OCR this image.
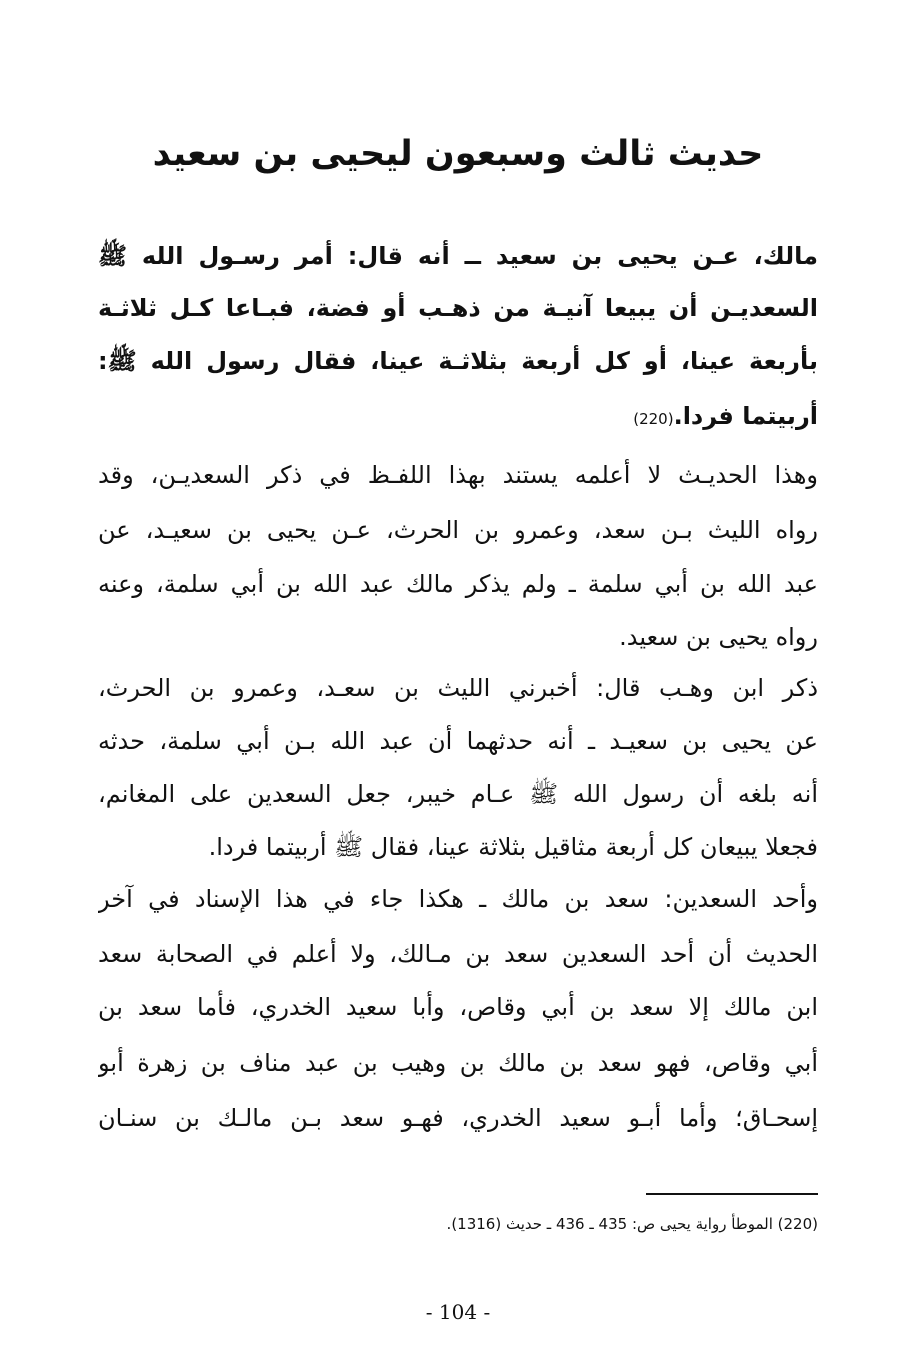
حديث ثالث وسبعون ليحيى بن سعيد
مالك، عـن يحيى بن سعيد ــ أنه قال: أمر رسـول الله ﷺ
السعديـن أن يبيعا آنيـة من ذهـب أو فضة، فبـاعا كـل ثلاثـة
بأربعة عينا، أو كل أربعة بثلاثـة عينا، فقال رسول الله ﷺ:
أربيتما فردا.(220)
وهذا الحديـث لا أعلمه يستند بهذا اللفـظ في ذكر السعديـن، وقد
رواه الليث بـن سعد، وعمرو بن الحرث، عـن يحيى بن سعيـد، عن
عبد الله بن أبي سلمة ـ ولم يذكر مالك عبد الله بن أبي سلمة، وعنه
رواه يحيى بن سعيد.
ذكر ابن وهـب قال: أخبرني الليث بن سعـد، وعمرو بن الحرث،
عن يحيى بن سعيـد ـ أنه حدثهما أن عبد الله بـن أبي سلمة، حدثه
أنه بلغه أن رسول الله ﷺ عـام خيبر، جعل السعدين على المغانم،
فجعلا يبيعان كل أربعة مثاقيل بثلاثة عينا، فقال ﷺ أربيتما فردا.
وأحد السعدين: سعد بن مالك ـ هكذا جاء في هذا الإسناد في آخر
الحديث أن أحد السعدين سعد بن مـالك، ولا أعلم في الصحابة سعد
ابن مالك إلا سعد بن أبي وقاص، وأبا سعيد الخدري، فأما سعد بن
أبي وقاص، فهو سعد بن مالك بن وهيب بن عبد مناف بن زهرة أبو
إسحـاق؛ وأما أبـو سعيد الخدري، فهـو سعد بـن مالـك بن سنـان
(220) الموطأ رواية يحيى ص: 435 ـ 436 ـ حديث (1316).
- 104 -
